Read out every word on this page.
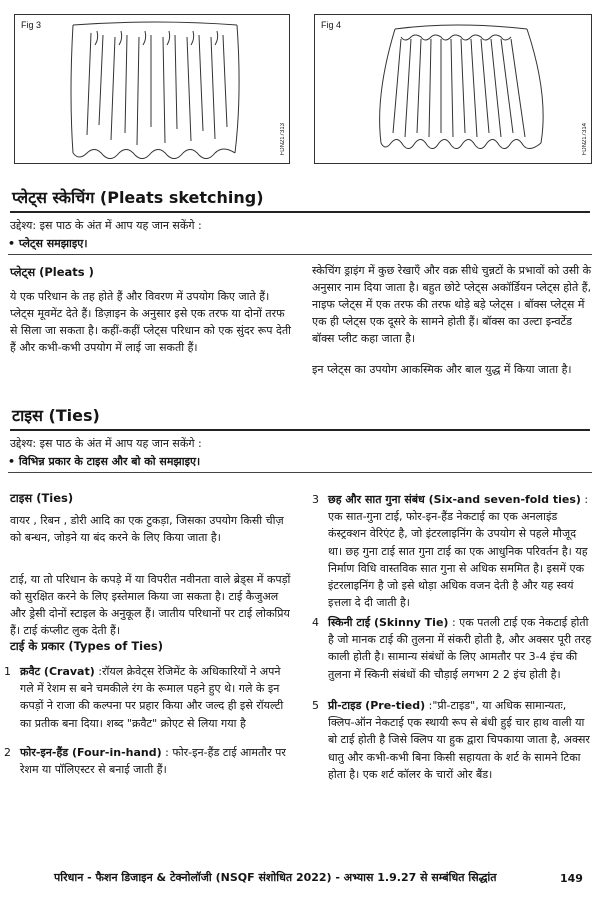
Fig 3
FDN217313
Fig 4
FDN217314
प्लेट्स स्केचिंग (Pleats sketching)
उद्देश्य: इस पाठ के अंत में आप यह जान सकेंगे :
• प्लेट्स समझाइए।
प्लेट्स (Pleats )
ये एक परिधान के तह होते हैं और विवरण में उपयोग किए जाते हैं। प्लेट्स मूवमेंट देते हैं। डिज़ाइन के अनुसार इसे एक तरफ या दोनों तरफ से सिला जा सकता है। कहीं-कहीं प्लेट्स परिधान को एक सुंदर रूप देती हैं और कभी-कभी उपयोग में लाई जा सकती हैं।
स्केचिंग ड्राइंग में कुछ रेखाएँ और वक्र सीधे चुन्नटों के प्रभावों को उसी के अनुसार नाम दिया जाता है। बहुत छोटे प्लेट्स अकॉर्डियन प्लेट्स होते हैं, नाइफ प्लेट्स में एक तरफ की तरफ थोड़े बड़े प्लेट्स । बॉक्स प्लेट्स में एक ही प्लेट्स एक दूसरे के सामने होती हैं। बॉक्स का उल्टा इन्वर्टेड बॉक्स प्लीट कहा जाता है।
इन प्लेट्स का उपयोग आकस्मिक और बाल युद्ध में किया जाता है।
टाइस (Ties)
उद्देश्य: इस पाठ के अंत में आप यह जान सकेंगे :
• विभिन्न प्रकार के टाइस और बो को समझाइए।
टाइस (Ties)
वायर , रिबन , डोरी आदि का एक टुकड़ा, जिसका उपयोग किसी चीज़ को बन्धन, जोड़ने या बंद करने के लिए किया जाता है।
टाई, या तो परिधान के कपड़े में या विपरीत नवीनता वाले ब्रेड्स में कपड़ों को सुरक्षित करने के लिए इस्तेमाल किया जा सकता है। टाई कैजुअल और ड्रेसी दोनों स्टाइल के अनुकूल हैं। जातीय परिधानों पर टाई लोकप्रिय हैं। टाई कंप्लीट लुक देती हैं।
टाई के प्रकार (Types of Ties)
1 क्रवैट (Cravat) :रॉयल क्रेवेट्स रेजिमेंट के अधिकारियों ने अपने गले में रेशम स बने चमकीले रंग के रूमाल पहने हुए थे। गले के इन कपड़ों ने राजा की कल्पना पर प्रहार किया और जल्द ही इसे रॉयल्टी का प्रतीक बना दिया। शब्द "क्रवैट" क्रोएट से लिया गया है
2 फोर-इन-हैंड (Four-in-hand) : फोर-इन-हैंड टाई आमतौर पर रेशम या पॉलिएस्टर से बनाई जाती हैं।
3 छह और सात गुना संबंध (Six-and seven-fold ties) : एक सात-गुना टाई, फोर-इन-हैंड नेकटाई का एक अनलाइंड कंस्ट्रक्शन वेरिएंट है, जो इंटरलाइनिंग के उपयोग से पहले मौजूद था। छह गुना टाई सात गुना टाई का एक आधुनिक परिवर्तन है। यह निर्माण विधि वास्तविक सात गुना से अधिक सममित है। इसमें एक इंटरलाइनिंग है जो इसे थोड़ा अधिक वजन देती है और यह स्वयं इत्तला दे दी जाती है।
4 स्किनी टाई (Skinny Tie) : एक पतली टाई एक नेकटाई होती है जो मानक टाई की तुलना में संकरी होती है, और अक्सर पूरी तरह काली होती है। सामान्य संबंधों के लिए आमतौर पर 3-4 इंच की तुलना में स्किनी संबंधों की चौड़ाई लगभग 2 2 इंच होती है।
5 प्री-टाइड (Pre-tied) :"प्री-टाइड", या अधिक सामान्यतः, क्लिप-ऑन नेकटाई एक स्थायी रूप से बंधी हुई चार हाथ वाली या बो टाई होती है जिसे क्लिप या हुक द्वारा चिपकाया जाता है, अक्सर धातु और कभी-कभी बिना किसी सहायता के शर्ट के सामने टिका होता है। एक शर्ट कॉलर के चारों ओर बैंड।
परिधान - फैशन डिजाइन & टेक्नोलॉजी (NSQF संशोधित 2022) - अभ्यास 1.9.27 से सम्बंधित सिद्धांत	149
